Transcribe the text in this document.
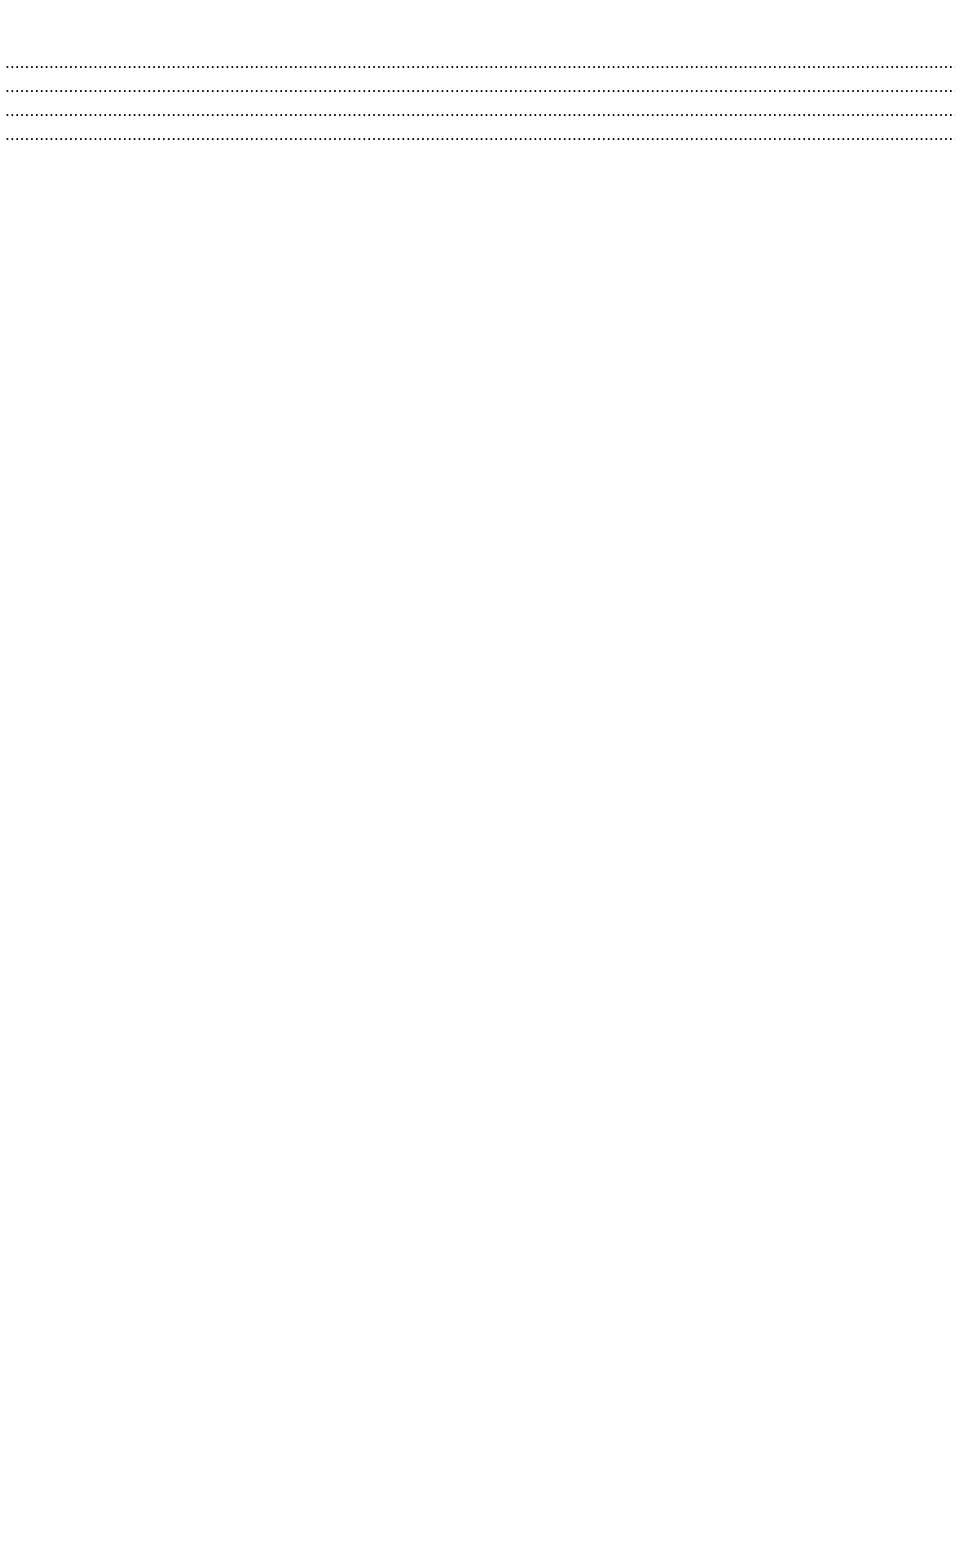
.....
.....
.....
.....
